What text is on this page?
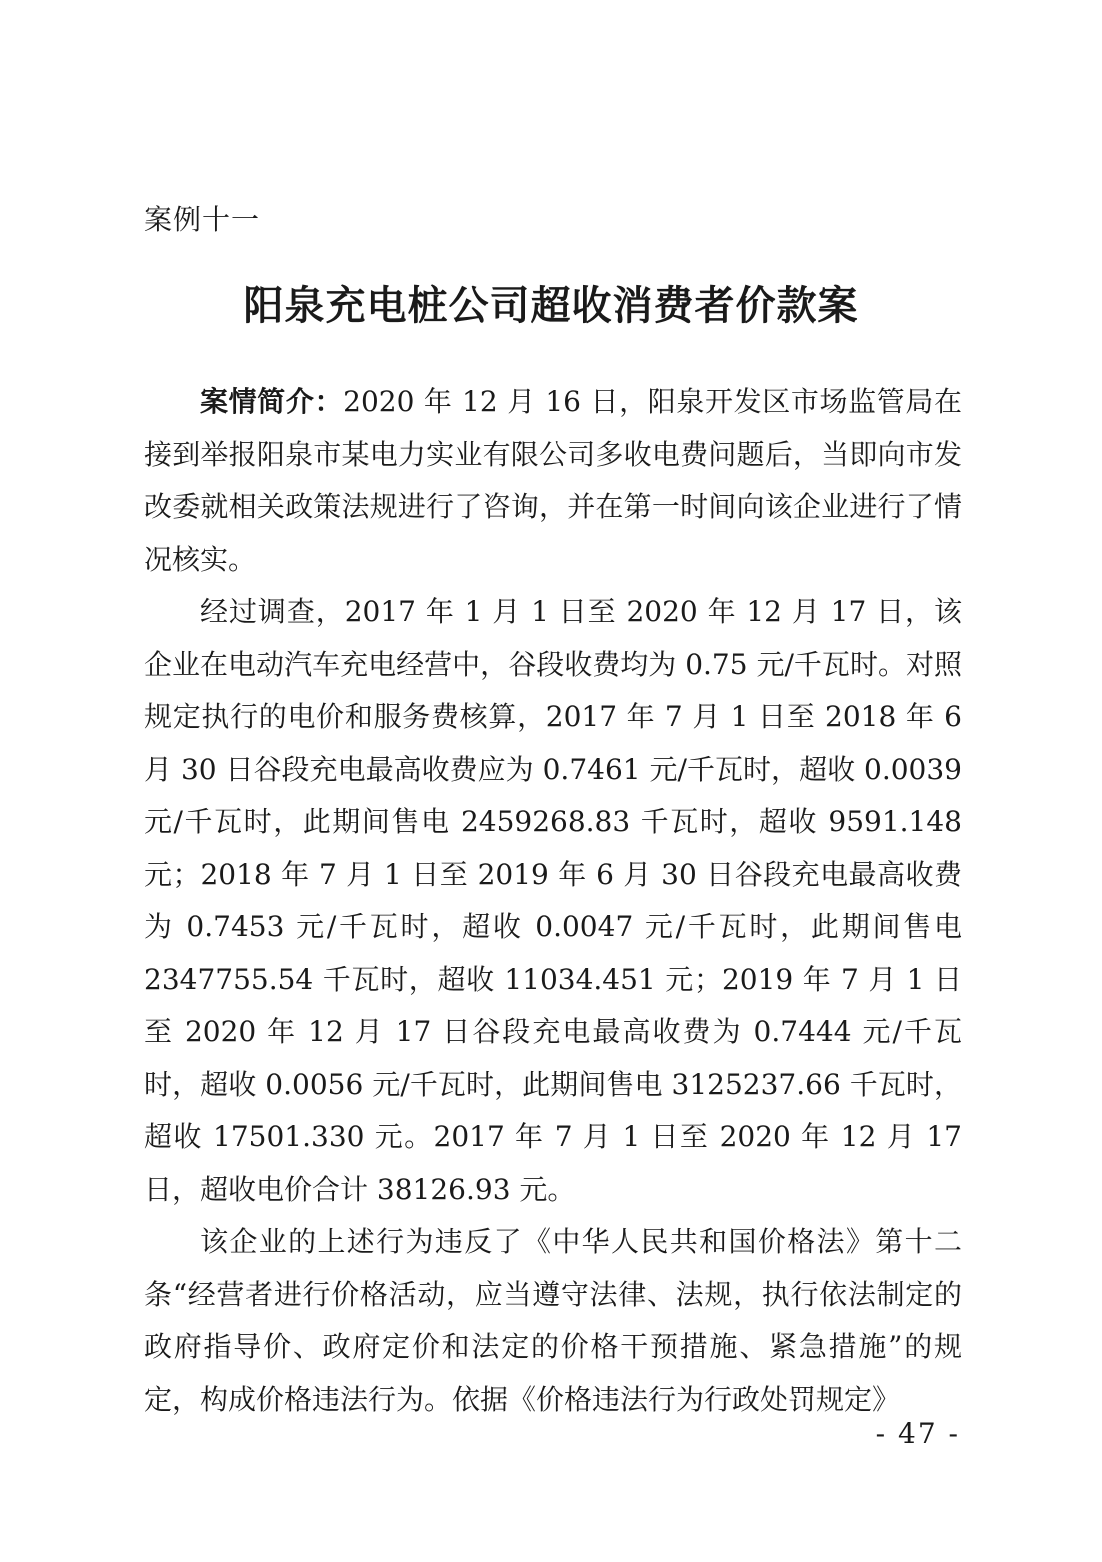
案例十一
阳泉充电桩公司超收消费者价款案

案情简介：2020 年 12 月 16 日，阳泉开发区市场监管局在接到举报阳泉市某电力实业有限公司多收电费问题后，当即向市发改委就相关政策法规进行了咨询，并在第一时间向该企业进行了情况核实。

经过调查，2017 年 1 月 1 日至 2020 年 12 月 17 日，该企业在电动汽车充电经营中，谷段收费均为 0.75 元/千瓦时。对照规定执行的电价和服务费核算，2017 年 7 月 1 日至 2018 年 6 月 30 日谷段充电最高收费应为 0.7461 元/千瓦时，超收 0.0039 元/千瓦时，此期间售电 2459268.83 千瓦时，超收 9591.148 元；2018 年 7 月 1 日至 2019 年 6 月 30 日谷段充电最高收费为 0.7453 元/千瓦时，超收 0.0047 元/千瓦时，此期间售电 2347755.54 千瓦时，超收 11034.451 元；2019 年 7 月 1 日至 2020 年 12 月 17 日谷段充电最高收费为 0.7444 元/千瓦时，超收 0.0056 元/千瓦时，此期间售电 3125237.66 千瓦时，超收 17501.330 元。2017 年 7 月 1 日至 2020 年 12 月 17 日，超收电价合计 38126.93 元。

该企业的上述行为违反了《中华人民共和国价格法》第十二条“经营者进行价格活动，应当遵守法律、法规，执行依法制定的政府指导价、政府定价和法定的价格干预措施、紧急措施”的规定，构成价格违法行为。依据《价格违法行为行政处罚规定》

- 47 -
